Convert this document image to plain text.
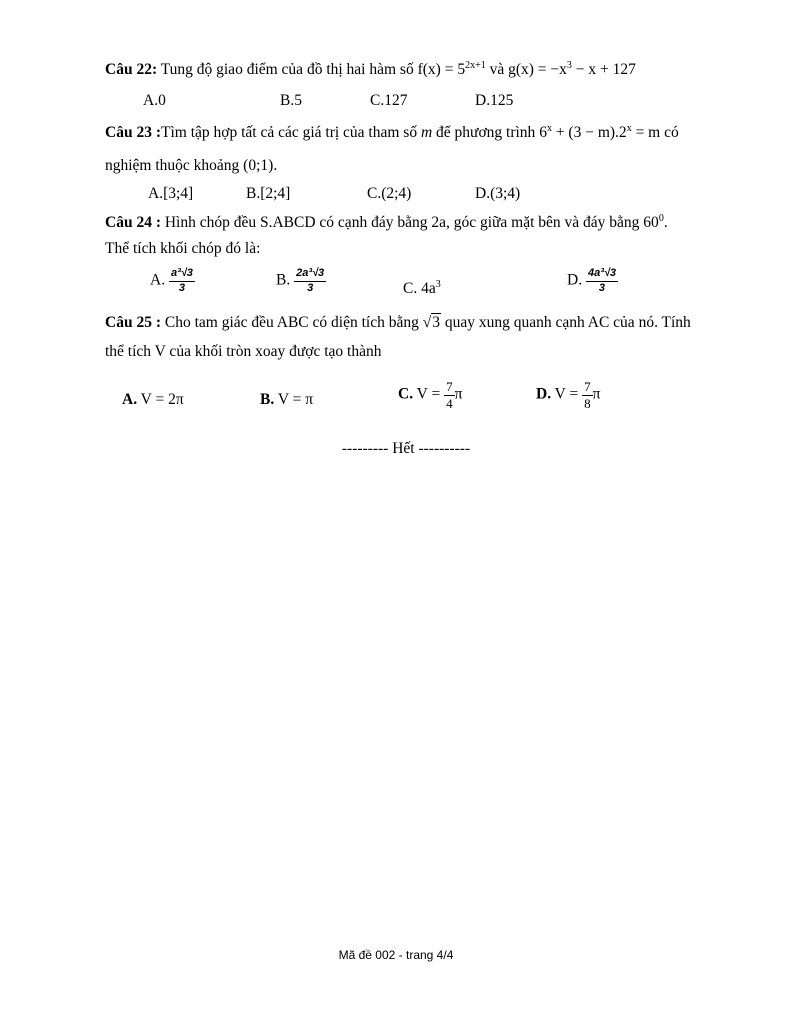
Câu 22: Tung độ giao điểm của đồ thị hai hàm số $f(x) = 5^{2x+1}$ và $g(x) = -x^3 - x + 127$
A.0	B.5	C.127	D.125
Câu 23 :Tìm tập hợp tất cả các giá trị của tham số m để phương trình $6^x + (3 - m).2^x = m$ có
nghiệm thuộc khoảng (0;1).
A.[3;4]	B.[2;4]	C.(2;4)	D.(3;4)
Câu 24 : Hình chóp đều S.ABCD có cạnh đáy bằng 2a, góc giữa mặt bên và đáy bằng $60^0$.
Thể tích khối chóp đó là:
A. $\frac{\text{a³√3}}{3}$	B. $\frac{\text{2a³√3}}{3}$	C. $4a^3$	D. $\frac{\text{4a³√3}}{3}$
Câu 25 : Cho tam giác đều ABC có diện tích bằng √3 quay xung quanh cạnh AC của nó. Tính
thể tích V của khối tròn xoay được tạo thành
A. V = 2π	B. V = π	C. $V = \frac{7}{4}$ π	D. $V = \frac{7}{8}$ π
--------- Hết ----------
Mã đề 002 - trang 4/4
